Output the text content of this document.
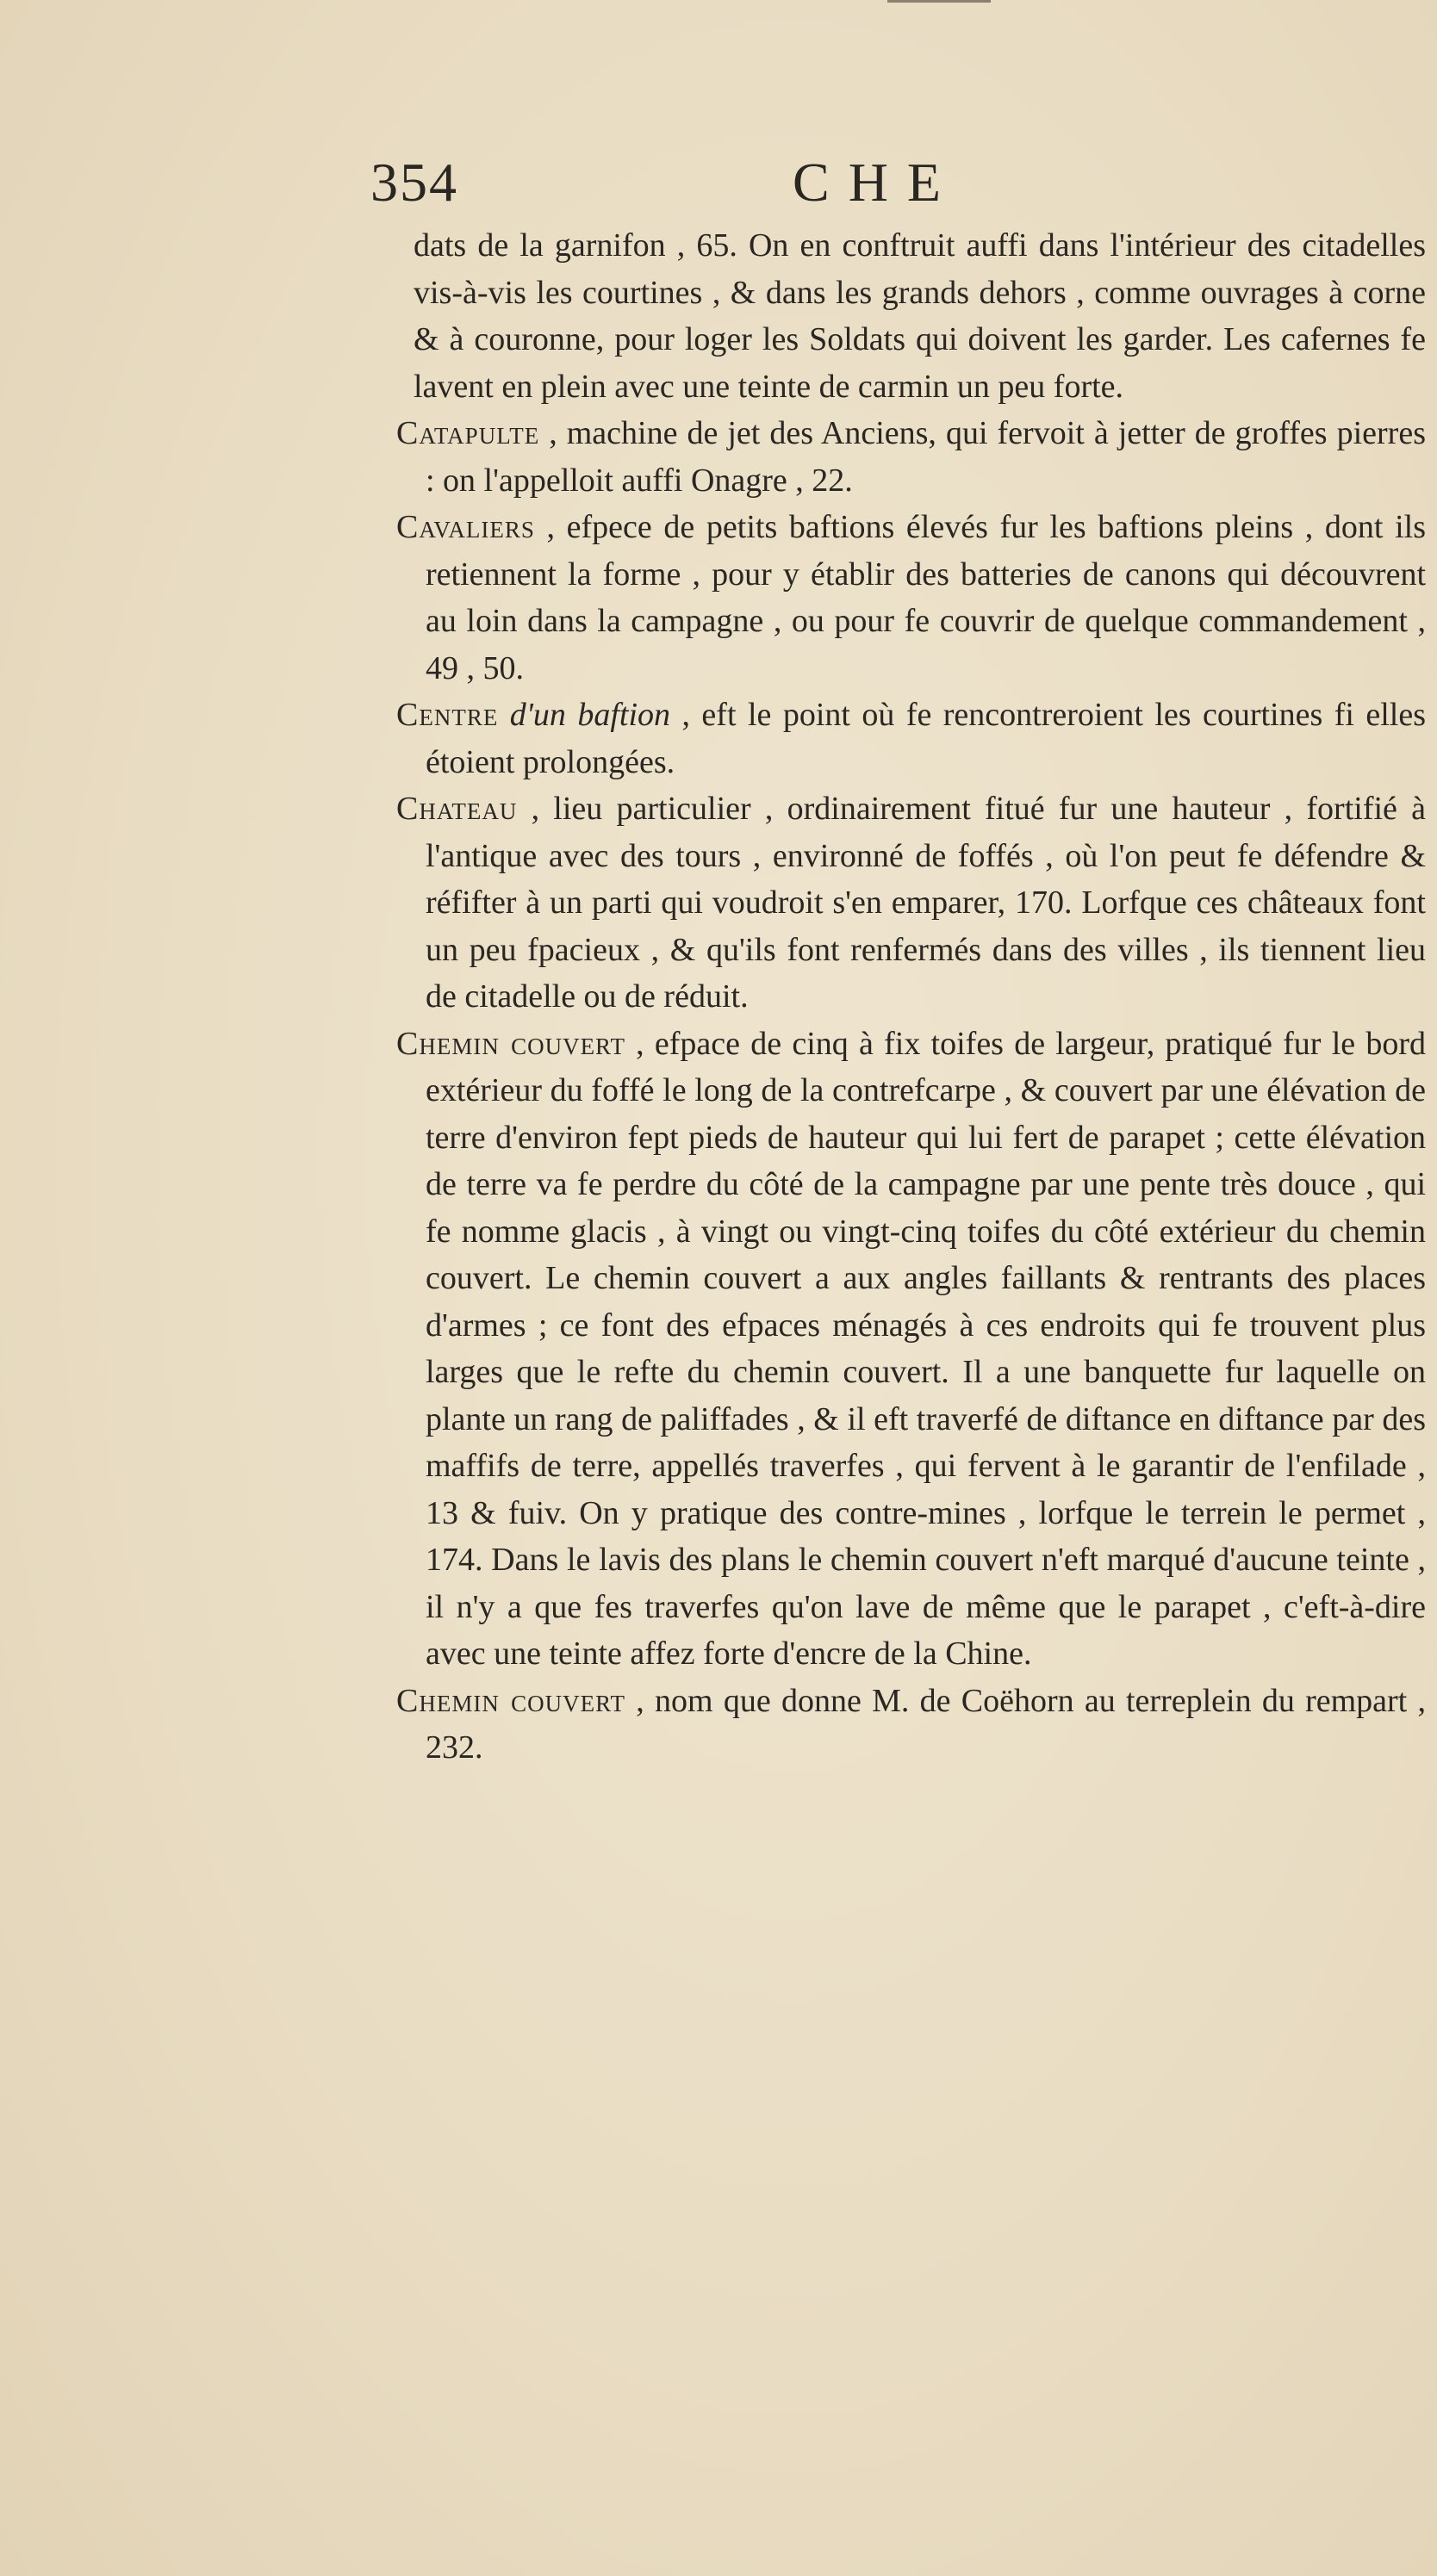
354	CHE

dats de la garnifon , 65. On en conftruit auffi dans l'intérieur des citadelles vis-à-vis les courtines , & dans les grands dehors , comme ouvrages à corne & à couronne, pour loger les Soldats qui doivent les garder. Les cafernes fe lavent en plein avec une teinte de carmin un peu forte.

Catapulte , machine de jet des Anciens, qui fervoit à jetter de groffes pierres : on l'appelloit auffi Onagre , 22.

Cavaliers , efpece de petits baftions élevés fur les baftions pleins , dont ils retiennent la forme , pour y établir des batteries de canons qui découvrent au loin dans la campagne , ou pour fe couvrir de quelque commandement , 49 , 50.

Centre d'un baftion , eft le point où fe rencontreroient les courtines fi elles étoient prolongées.

Chateau , lieu particulier , ordinairement fitué fur une hauteur , fortifié à l'antique avec des tours , environné de foffés , où l'on peut fe défendre & réfifter à un parti qui voudroit s'en emparer, 170. Lorfque ces châteaux font un peu fpacieux , & qu'ils font renfermés dans des villes , ils tiennent lieu de citadelle ou de réduit.

Chemin couvert , efpace de cinq à fix toifes de largeur, pratiqué fur le bord extérieur du foffé le long de la contrefcarpe , & couvert par une élévation de terre d'environ fept pieds de hauteur qui lui fert de parapet ; cette élévation de terre va fe perdre du côté de la campagne par une pente très douce , qui fe nomme glacis , à vingt ou vingt-cinq toifes du côté extérieur du chemin couvert. Le chemin couvert a aux angles faillants & rentrants des places d'armes ; ce font des efpaces ménagés à ces endroits qui fe trouvent plus larges que le refte du chemin couvert. Il a une banquette fur laquelle on plante un rang de paliffades , & il eft traverfé de diftance en diftance par des maffifs de terre, appellés traverfes , qui fervent à le garantir de l'enfilade , 13 & fuiv. On y pratique des contre-mines , lorfque le terrein le permet , 174. Dans le lavis des plans le chemin couvert n'eft marqué d'aucune teinte , il n'y a que fes traverfes qu'on lave de même que le parapet , c'eft-à-dire avec une teinte affez forte d'encre de la Chine.

Chemin couvert , nom que donne M. de Coëhorn au terreplein du rempart , 232.
